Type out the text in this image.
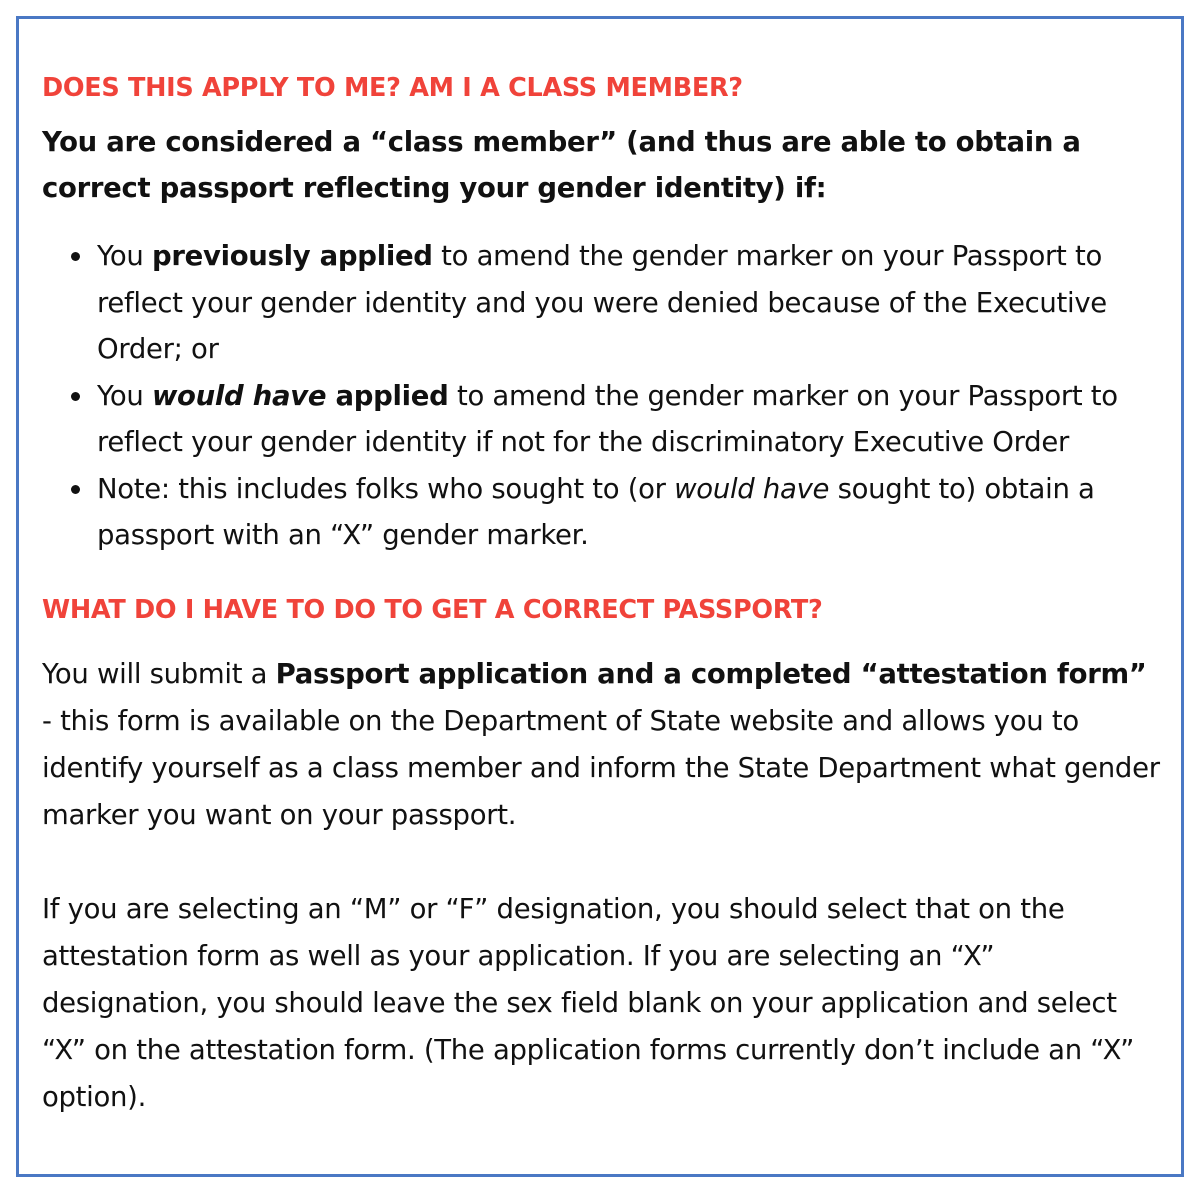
DOES THIS APPLY TO ME? AM I A CLASS MEMBER?

You are considered a “class member” (and thus are able to obtain a correct passport reflecting your gender identity) if:

You previously applied to amend the gender marker on your Passport to reflect your gender identity and you were denied because of the Executive Order; or
You would have applied to amend the gender marker on your Passport to reflect your gender identity if not for the discriminatory Executive Order
Note: this includes folks who sought to (or would have sought to) obtain a passport with an “X” gender marker.
WHAT DO I HAVE TO DO TO GET A CORRECT PASSPORT?

You will submit a Passport application and a completed “attestation form” - this form is available on the Department of State website and allows you to identify yourself as a class member and inform the State Department what gender marker you want on your passport.

If you are selecting an “M” or “F” designation, you should select that on the attestation form as well as your application. If you are selecting an “X” designation, you should leave the sex field blank on your application and select “X” on the attestation form. (The application forms currently don’t include an “X” option).
